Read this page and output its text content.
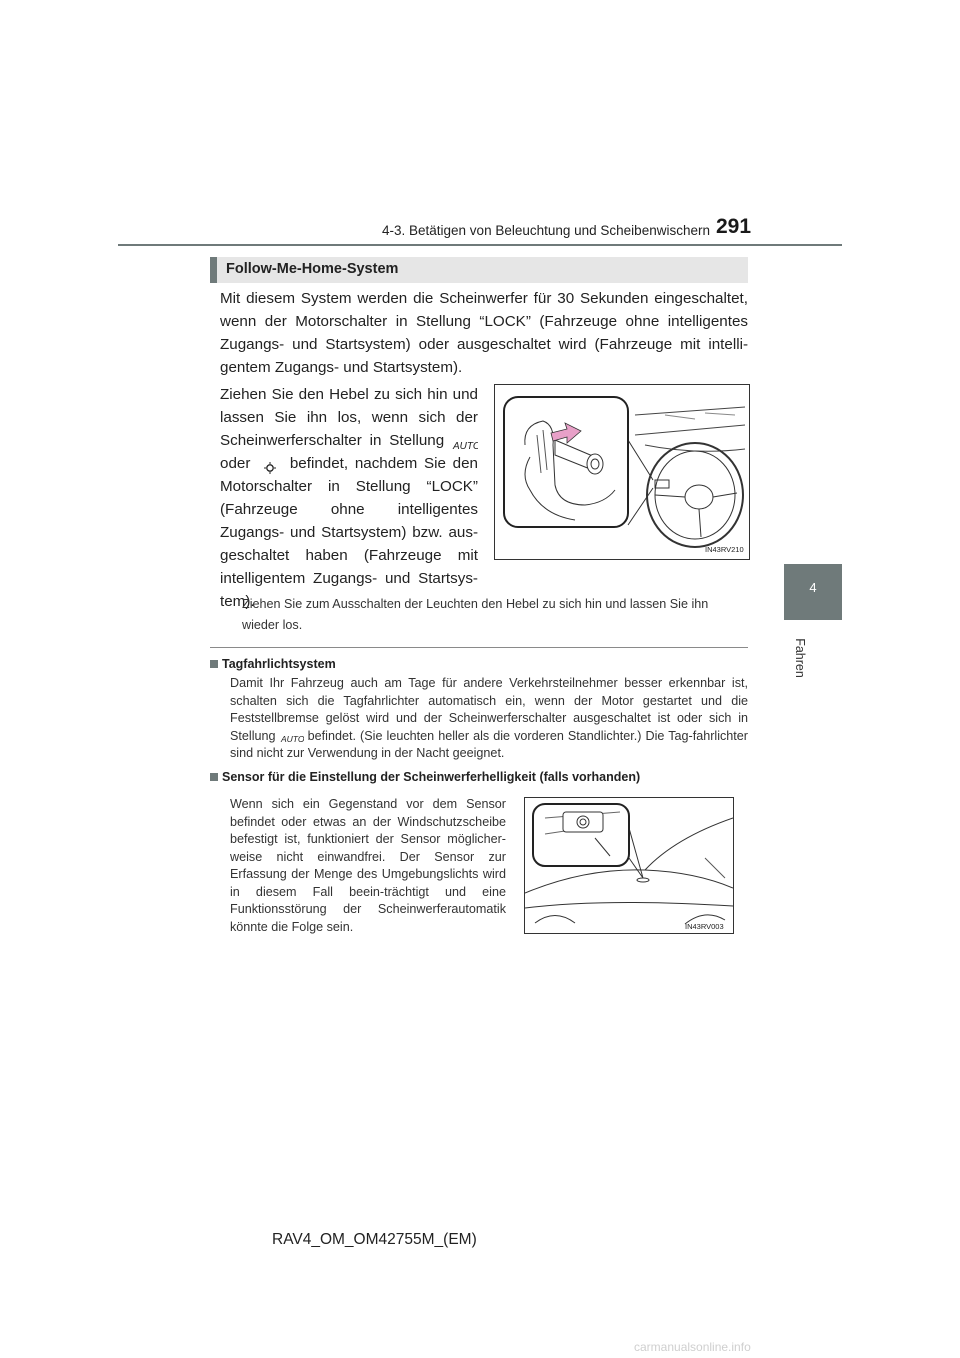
4-3. Betätigen von Beleuchtung und Scheibenwischern 291
4
Fahren
Follow-Me-Home-System
Mit diesem System werden die Scheinwerfer für 30 Sekunden eingeschaltet, wenn der Motorschalter in Stellung “LOCK” (Fahrzeuge ohne intelligentes Zugangs- und Startsystem) oder ausgeschaltet wird (Fahrzeuge mit intelli-gentem Zugangs- und Startsystem).
Ziehen Sie den Hebel zu sich hin und lassen Sie ihn los, wenn sich der Scheinwerferschalter in Stellung AUTO
oder	befindet, nachdem Sie den Motorschalter in Stellung “LOCK” (Fahrzeuge ohne intelligentes Zugangs- und Startsystem) bzw. aus-geschaltet haben (Fahrzeuge mit intelligentem Zugangs- und Startsys-tem).
IN43RV210
Ziehen Sie zum Ausschalten der Leuchten den Hebel zu sich hin und lassen Sie ihn wieder los.
Tagfahrlichtsystem
Damit Ihr Fahrzeug auch am Tage für andere Verkehrsteilnehmer besser erkennbar ist, schalten sich die Tagfahrlichter automatisch ein, wenn der Motor gestartet und die Feststellbremse gelöst wird und der Scheinwerferschalter ausgeschaltet ist oder sich in Stellung AUTO befindet. (Sie leuchten heller als die vorderen Standlichter.) Die Tag-fahrlichter sind nicht zur Verwendung in der Nacht geeignet.
Sensor für die Einstellung der Scheinwerferhelligkeit (falls vorhanden)
Wenn sich ein Gegenstand vor dem Sensor befindet oder etwas an der Windschutzscheibe befestigt ist, funktioniert der Sensor möglicher-weise nicht einwandfrei. Der Sensor zur Erfassung der Menge des Umgebungslichts wird in diesem Fall beein-trächtigt und eine Funktionsstörung der Scheinwerferautomatik könnte die Folge sein.	IN43RV003
RAV4_OM_OM42755M_(EM)
carmanualsonline.info
